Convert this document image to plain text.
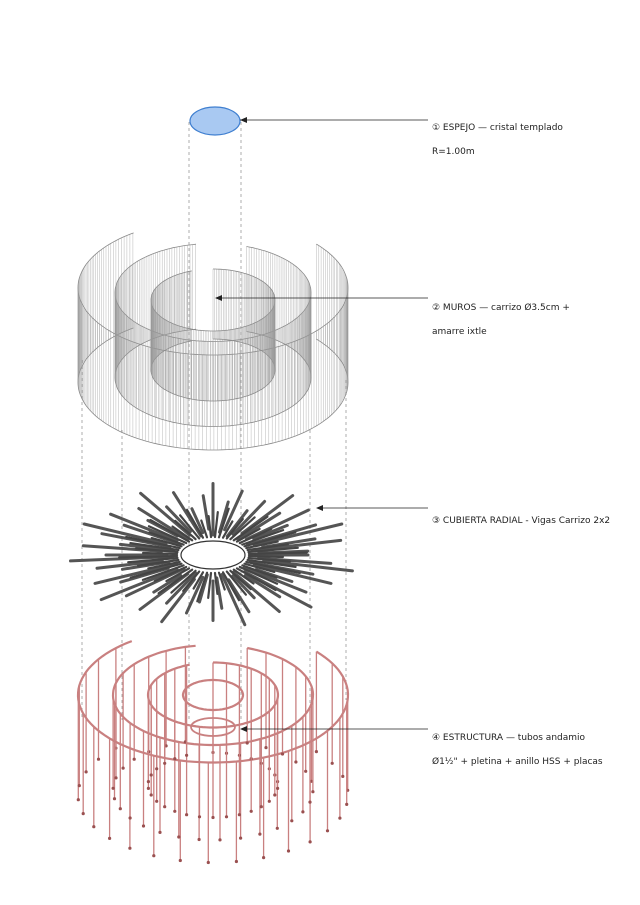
① ESPEJO — cristal templado

R=1.00m

② MUROS — carrizo Ø3.5cm +

amarre ixtle

③ CUBIERTA RADIAL - Vigas Carrizo 2x2

④ ESTRUCTURA — tubos andamio

Ø1½" + pletina + anillo HSS + placas
